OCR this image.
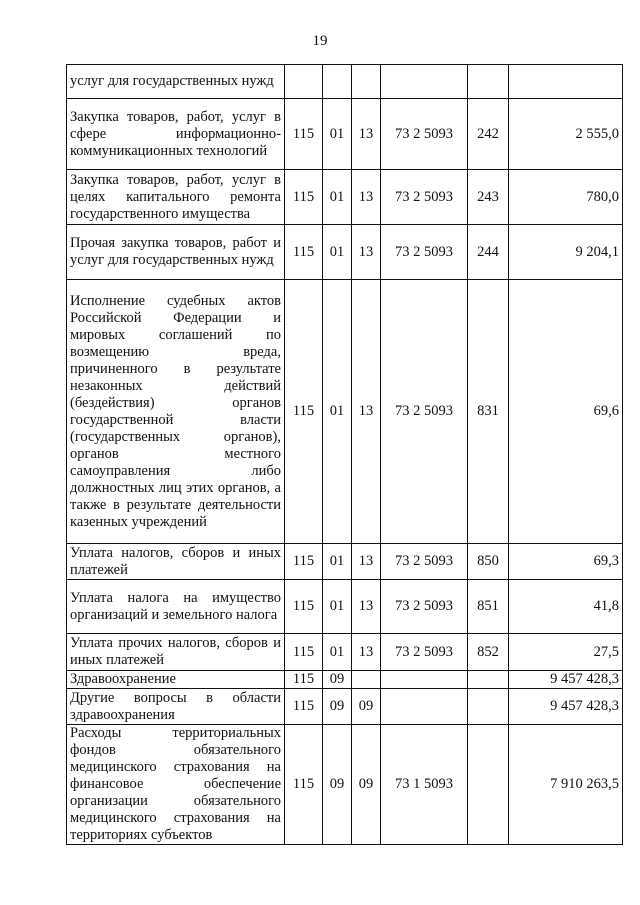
19
услуг для государственных нужд						
Закупка товаров, работ, услуг в сфере информационно-коммуникационных технологий	115	01	13	73 2 5093	242	2 555,0
Закупка товаров, работ, услуг в целях капитального ремонта государственного имущества	115	01	13	73 2 5093	243	780,0
Прочая закупка товаров, работ и услуг для государственных нужд	115	01	13	73 2 5093	244	9 204,1
Исполнение судебных актов Российской Федерации и мировых соглашений по возмещению вреда, причиненного в результате незаконных действий (бездействия) органов государственной власти (государственных органов), органов местного самоуправления либо должностных лиц этих органов, а также в результате деятельности казенных учреждений	115	01	13	73 2 5093	831	69,6
Уплата налогов, сборов и иных платежей	115	01	13	73 2 5093	850	69,3
Уплата налога на имущество организаций и земельного налога	115	01	13	73 2 5093	851	41,8
Уплата прочих налогов, сборов и иных платежей	115	01	13	73 2 5093	852	27,5
Здравоохранение	115	09				9 457 428,3
Другие вопросы в области здравоохранения	115	09	09			9 457 428,3
Расходы территориальных фондов обязательного медицинского страхования на финансовое обеспечение организации обязательного медицинского страхования на территориях субъектов	115	09	09	73 1 5093		7 910 263,5
